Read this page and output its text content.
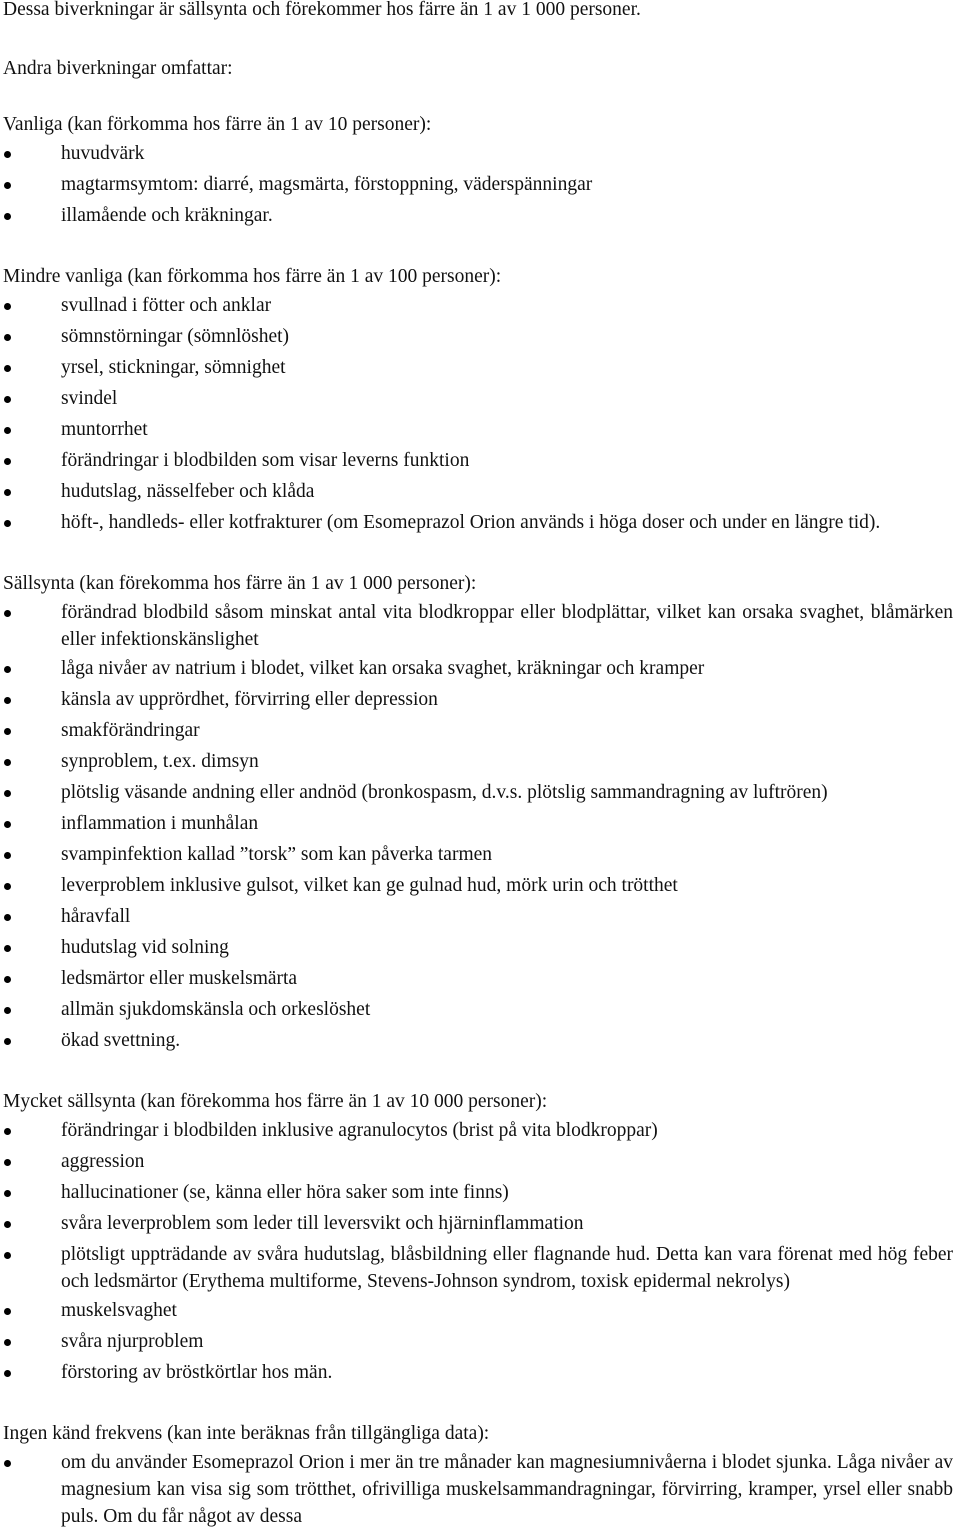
Dessa biverkningar är sällsynta och förekommer hos färre än 1 av 1 000 personer.

Andra biverkningar omfattar:

Vanliga (kan förkomma hos färre än 1 av 10 personer):

huvudvärk
magtarmsymtom: diarré, magsmärta, förstoppning, väderspänningar
illamående och kräkningar.

Mindre vanliga (kan förkomma hos färre än 1 av 100 personer):

svullnad i fötter och anklar
sömnstörningar (sömnlöshet)
yrsel, stickningar, sömnighet
svindel
muntorrhet
förändringar i blodbilden som visar leverns funktion
hudutslag, nässelfeber och klåda
höft-, handleds- eller kotfrakturer (om Esomeprazol Orion används i höga doser och under en längre tid).

Sällsynta (kan förekomma hos färre än 1 av 1 000 personer):

förändrad blodbild såsom minskat antal vita blodkroppar eller blodplättar, vilket kan orsaka svaghet, blåmärken eller infektionskänslighet
låga nivåer av natrium i blodet, vilket kan orsaka svaghet, kräkningar och kramper
känsla av upprördhet, förvirring eller depression
smakförändringar
synproblem, t.ex. dimsyn
plötslig väsande andning eller andnöd (bronkospasm, d.v.s. plötslig sammandragning av luftrören)
inflammation i munhålan
svampinfektion kallad ”torsk” som kan påverka tarmen
leverproblem inklusive gulsot, vilket kan ge gulnad hud, mörk urin och trötthet
håravfall
hudutslag vid solning
ledsmärtor eller muskelsmärta
allmän sjukdomskänsla och orkeslöshet
ökad svettning.

Mycket sällsynta (kan förekomma hos färre än 1 av 10 000 personer):

förändringar i blodbilden inklusive agranulocytos (brist på vita blodkroppar)
aggression
hallucinationer (se, känna eller höra saker som inte finns)
svåra leverproblem som leder till leversvikt och hjärninflammation
plötsligt uppträdande av svåra hudutslag, blåsbildning eller flagnande hud. Detta kan vara förenat med hög feber och ledsmärtor (Erythema multiforme, Stevens-Johnson syndrom, toxisk epidermal nekrolys)
muskelsvaghet
svåra njurproblem
förstoring av bröstkörtlar hos män.

Ingen känd frekvens (kan inte beräknas från tillgängliga data):

om du använder Esomeprazol Orion i mer än tre månader kan magnesiumnivåerna i blodet sjunka. Låga nivåer av magnesium kan visa sig som trötthet, ofrivilliga muskelsammandragningar, förvirring, kramper, yrsel eller snabb puls. Om du får något av dessa
